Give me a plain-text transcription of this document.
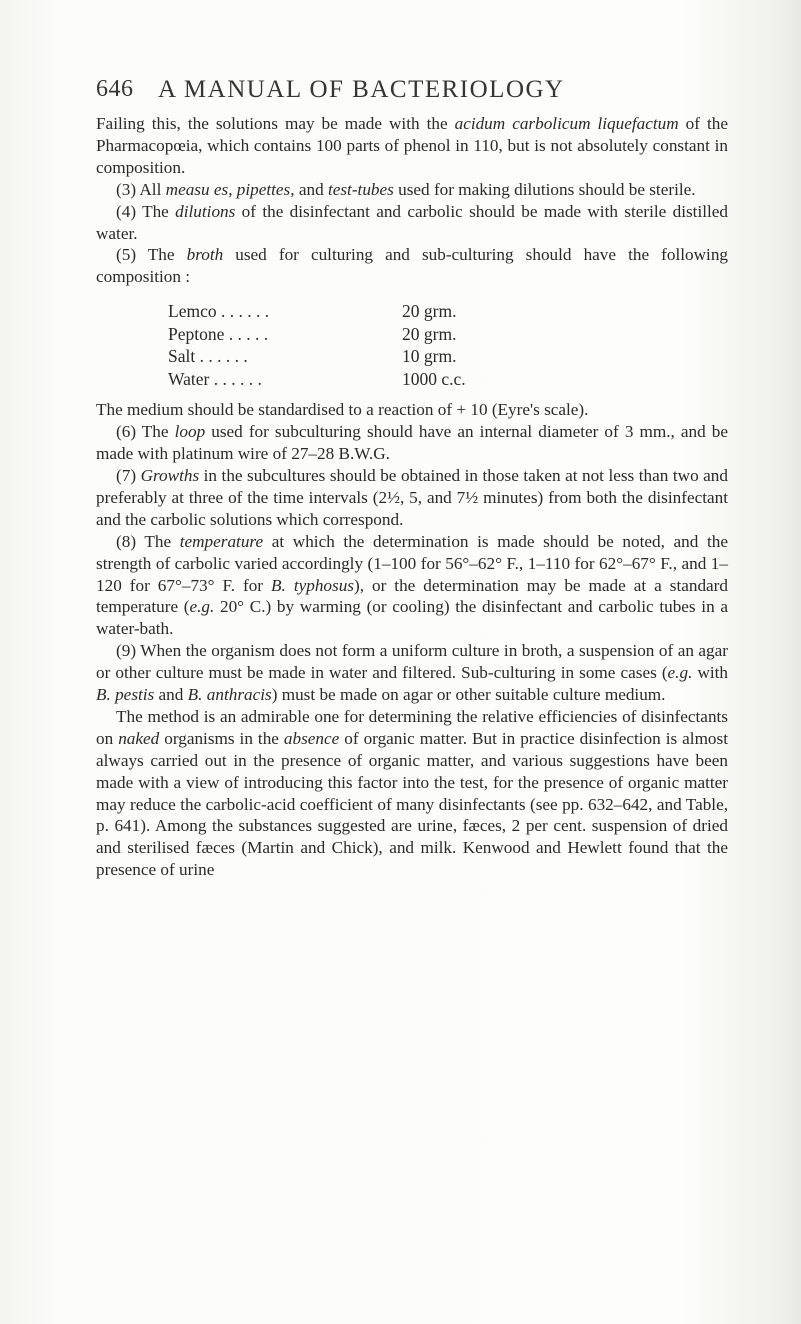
646 A MANUAL OF BACTERIOLOGY

Failing this, the solutions may be made with the acidum carbolicum liquefactum of the Pharmacopœia, which contains 100 parts of phenol in 110, but is not absolutely constant in composition.

(3) All measu es, pipettes, and test-tubes used for making dilutions should be sterile.

(4) The dilutions of the disinfectant and carbolic should be made with sterile distilled water.

(5) The broth used for culturing and sub-culturing should have the following composition :

Lemco . . . . . .	20 grm.
Peptone . . . . .	20 grm.
Salt . . . . . .	10 grm.
Water . . . . . .	1000 c.c.

The medium should be standardised to a reaction of + 10 (Eyre's scale).

(6) The loop used for subculturing should have an internal diameter of 3 mm., and be made with platinum wire of 27–28 B.W.G.

(7) Growths in the subcultures should be obtained in those taken at not less than two and preferably at three of the time intervals (2½, 5, and 7½ minutes) from both the disinfectant and the carbolic solutions which correspond.

(8) The temperature at which the determination is made should be noted, and the strength of carbolic varied accordingly (1–100 for 56°–62° F., 1–110 for 62°–67° F., and 1–120 for 67°–73° F. for B. typhosus), or the determination may be made at a standard temperature (e.g. 20° C.) by warming (or cooling) the disinfectant and carbolic tubes in a water-bath.

(9) When the organism does not form a uniform culture in broth, a suspension of an agar or other culture must be made in water and filtered. Sub-culturing in some cases (e.g. with B. pestis and B. anthracis) must be made on agar or other suitable culture medium.

The method is an admirable one for determining the relative efficiencies of disinfectants on naked organisms in the absence of organic matter. But in practice disinfection is almost always carried out in the presence of organic matter, and various suggestions have been made with a view of introducing this factor into the test, for the presence of organic matter may reduce the carbolic-acid coefficient of many disinfectants (see pp. 632–642, and Table, p. 641). Among the substances suggested are urine, fæces, 2 per cent. suspension of dried and sterilised fæces (Martin and Chick), and milk. Kenwood and Hewlett found that the presence of urine
